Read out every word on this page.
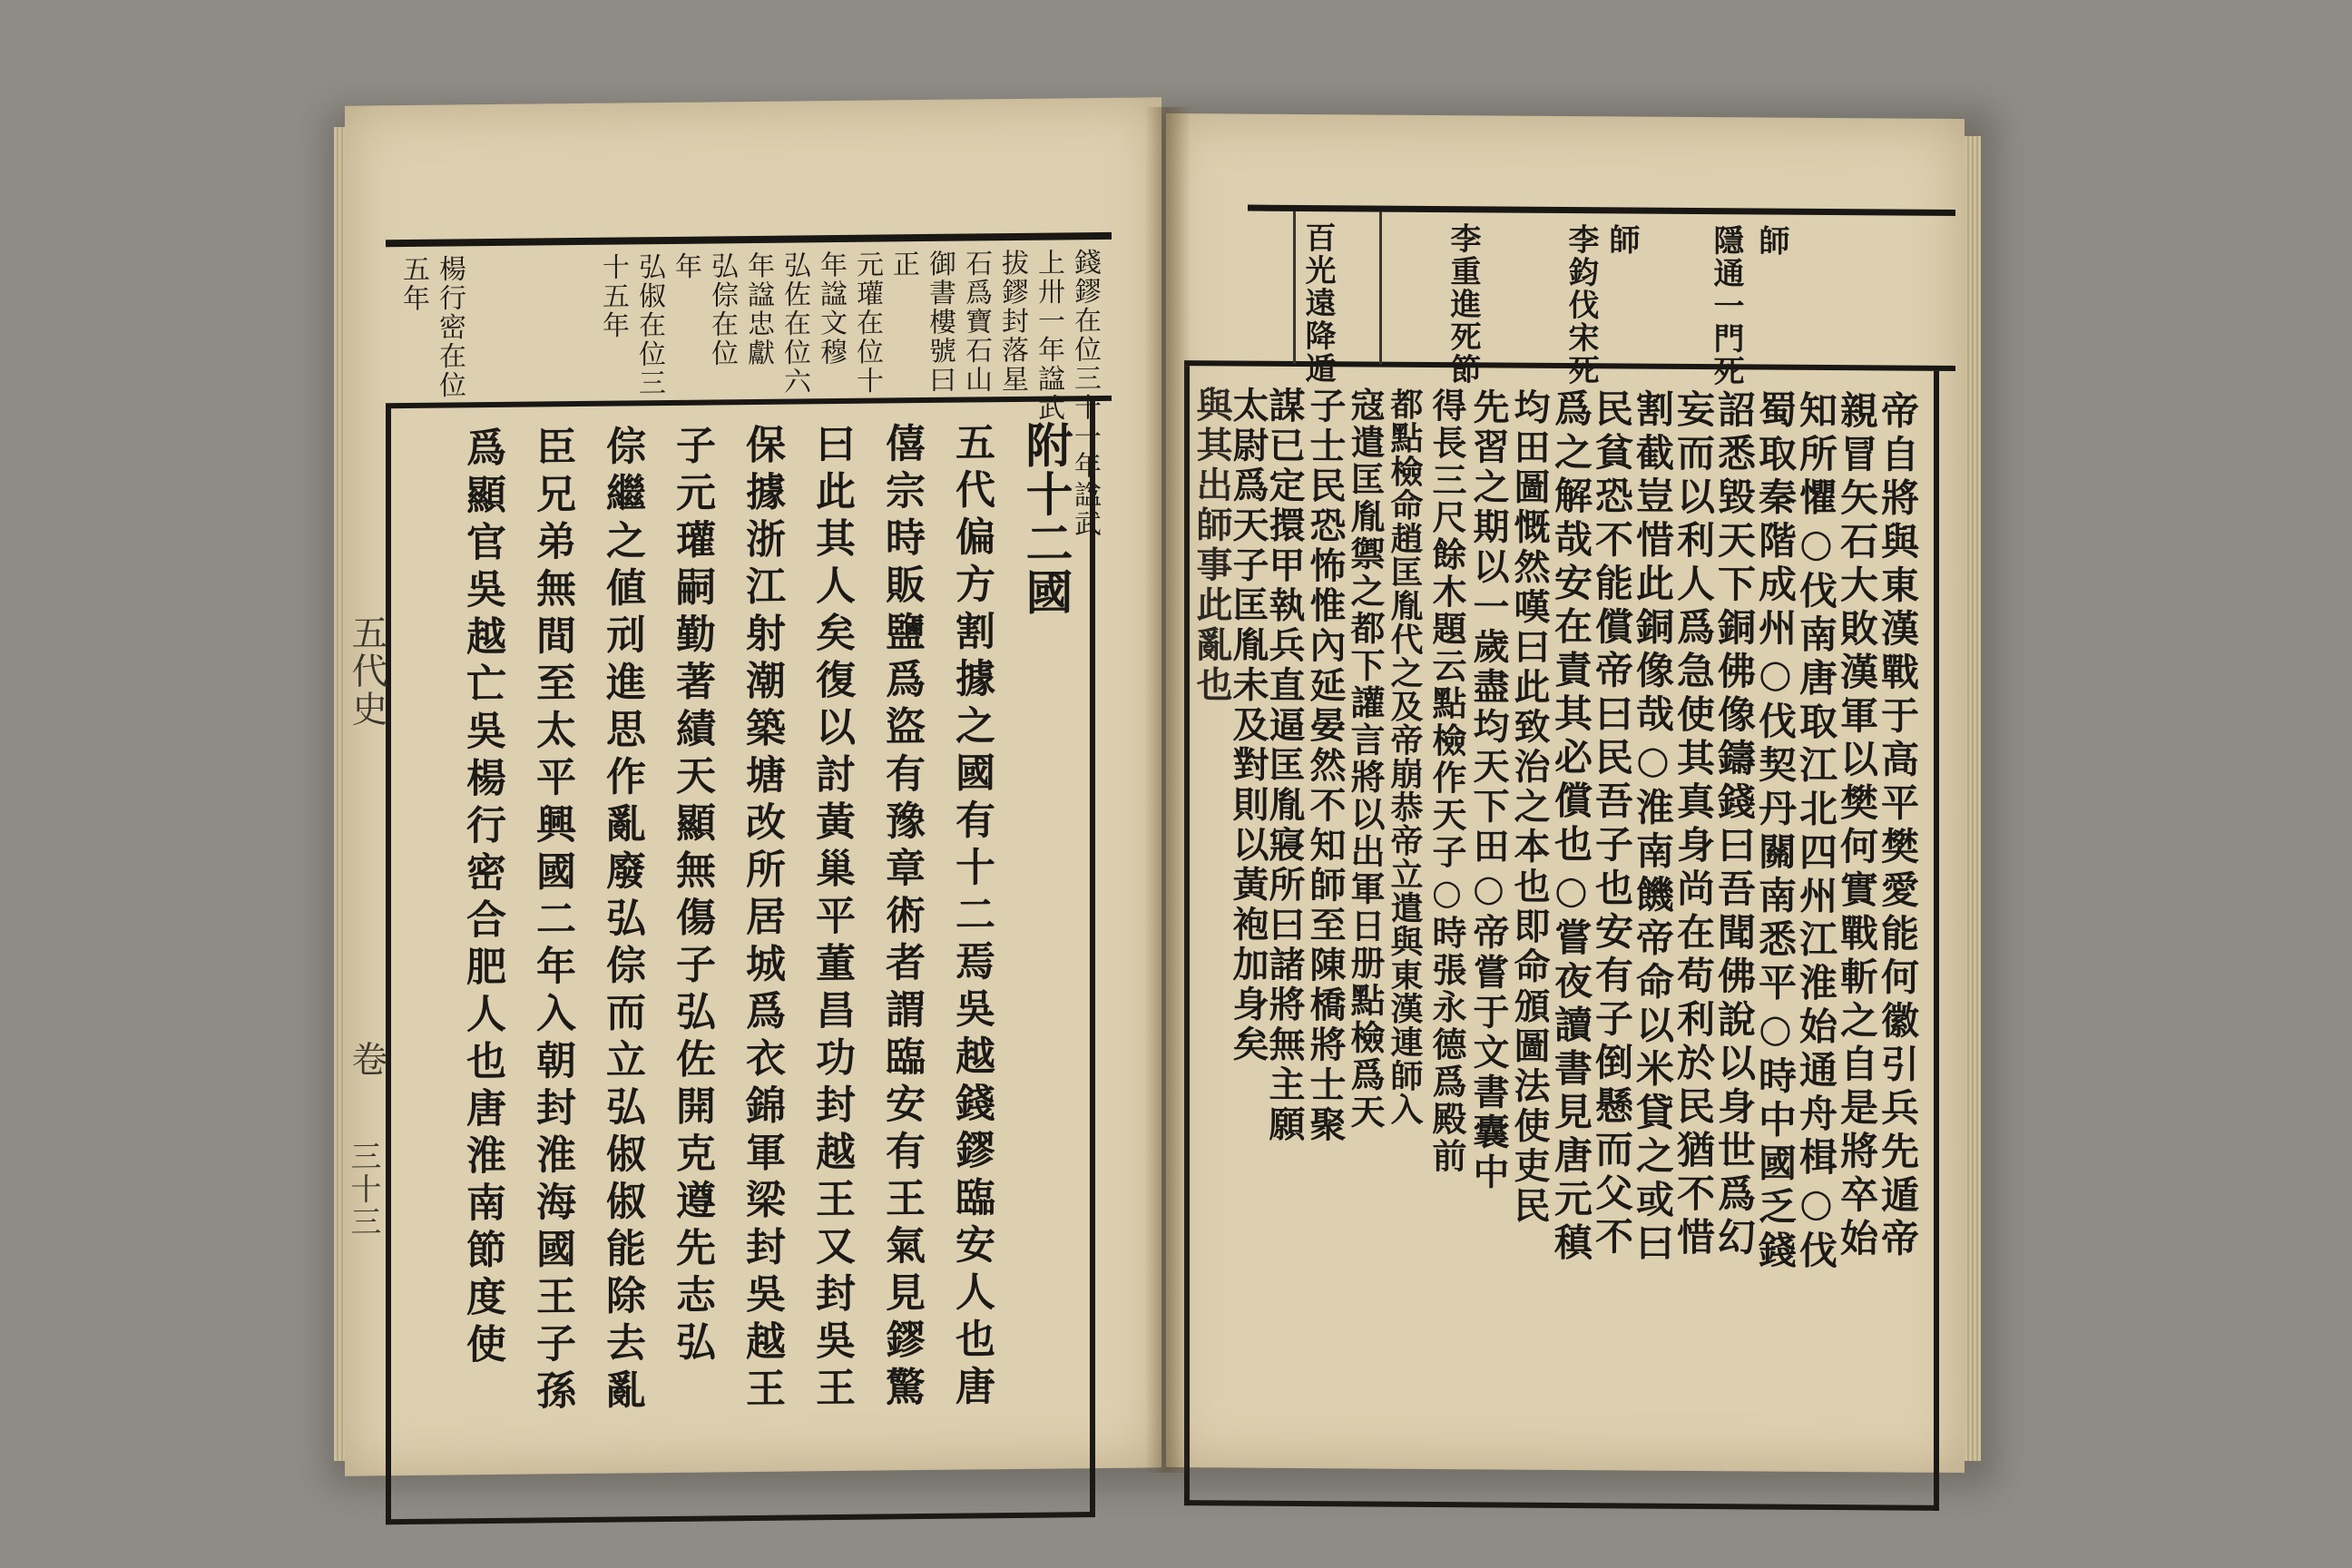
五代史
卷
三十三
錢鏐在位三十一年諡武
上卅一年諡武
拔鏐封落星
石爲寶石山
御書樓號曰
正
元瓘在位十
年諡文穆
弘佐在位六
年諡忠獻
弘倧在位
年
弘俶在位三
十五年
楊行密在位
五年
附十二國
五代偏方割據之國有十二焉吳越錢鏐臨安人也唐
僖宗時販鹽爲盜有豫章術者謂臨安有王氣見鏐驚
曰此其人矣復以討黃巢平董昌功封越王又封吳王
保據浙江射潮築塘改所居城爲衣錦軍梁封吳越王
子元瓘嗣勤著績天顯無傷子弘佐開克遵先志弘
倧繼之値刓進思作亂廢弘倧而立弘俶俶能除去亂
臣兄弟無間至太平興國二年入朝封淮海國王子孫
爲顯官吳越亡吳楊行密合肥人也唐淮南節度使
師
隱通一門死
師
李鈞伐宋死
李重進死節
百光遠降遁
帝自將與東漢戰于高平樊愛能何徽引兵先遁帝
親冒矢石大敗漢軍以樊何實戰斬之自是將卒始
知所懼○伐南唐取江北四州江淮始通舟楫○伐
蜀取秦階成州○伐契丹關南悉平○時中國乏錢
詔悉毀天下銅佛像鑄錢曰吾聞佛說以身世爲幻
妄而以利人爲急使其真身尚在苟利於民猶不惜
割截豈惜此銅像哉○淮南饑帝命以米貸之或曰
民貧恐不能償帝曰民吾子也安有子倒懸而父不
爲之解哉安在責其必償也○嘗夜讀書見唐元稹
均田圖慨然嘆曰此致治之本也即命頒圖法使吏民
先習之期以一歲盡均天下田○帝嘗于文書囊中
得長三尺餘木題云點檢作天子○時張永德爲殿前
都點檢命趙匡胤代之及帝崩恭帝立遣與東漢連師入
寇遣匡胤禦之都下讙言將以出軍日册點檢爲天
子士民恐怖惟內延晏然不知師至陳橋將士聚
謀已定擐甲執兵直逼匡胤寢所曰諸將無主願
太尉爲天子匡胤未及對則以黃袍加身矣
與其出師事此亂也
